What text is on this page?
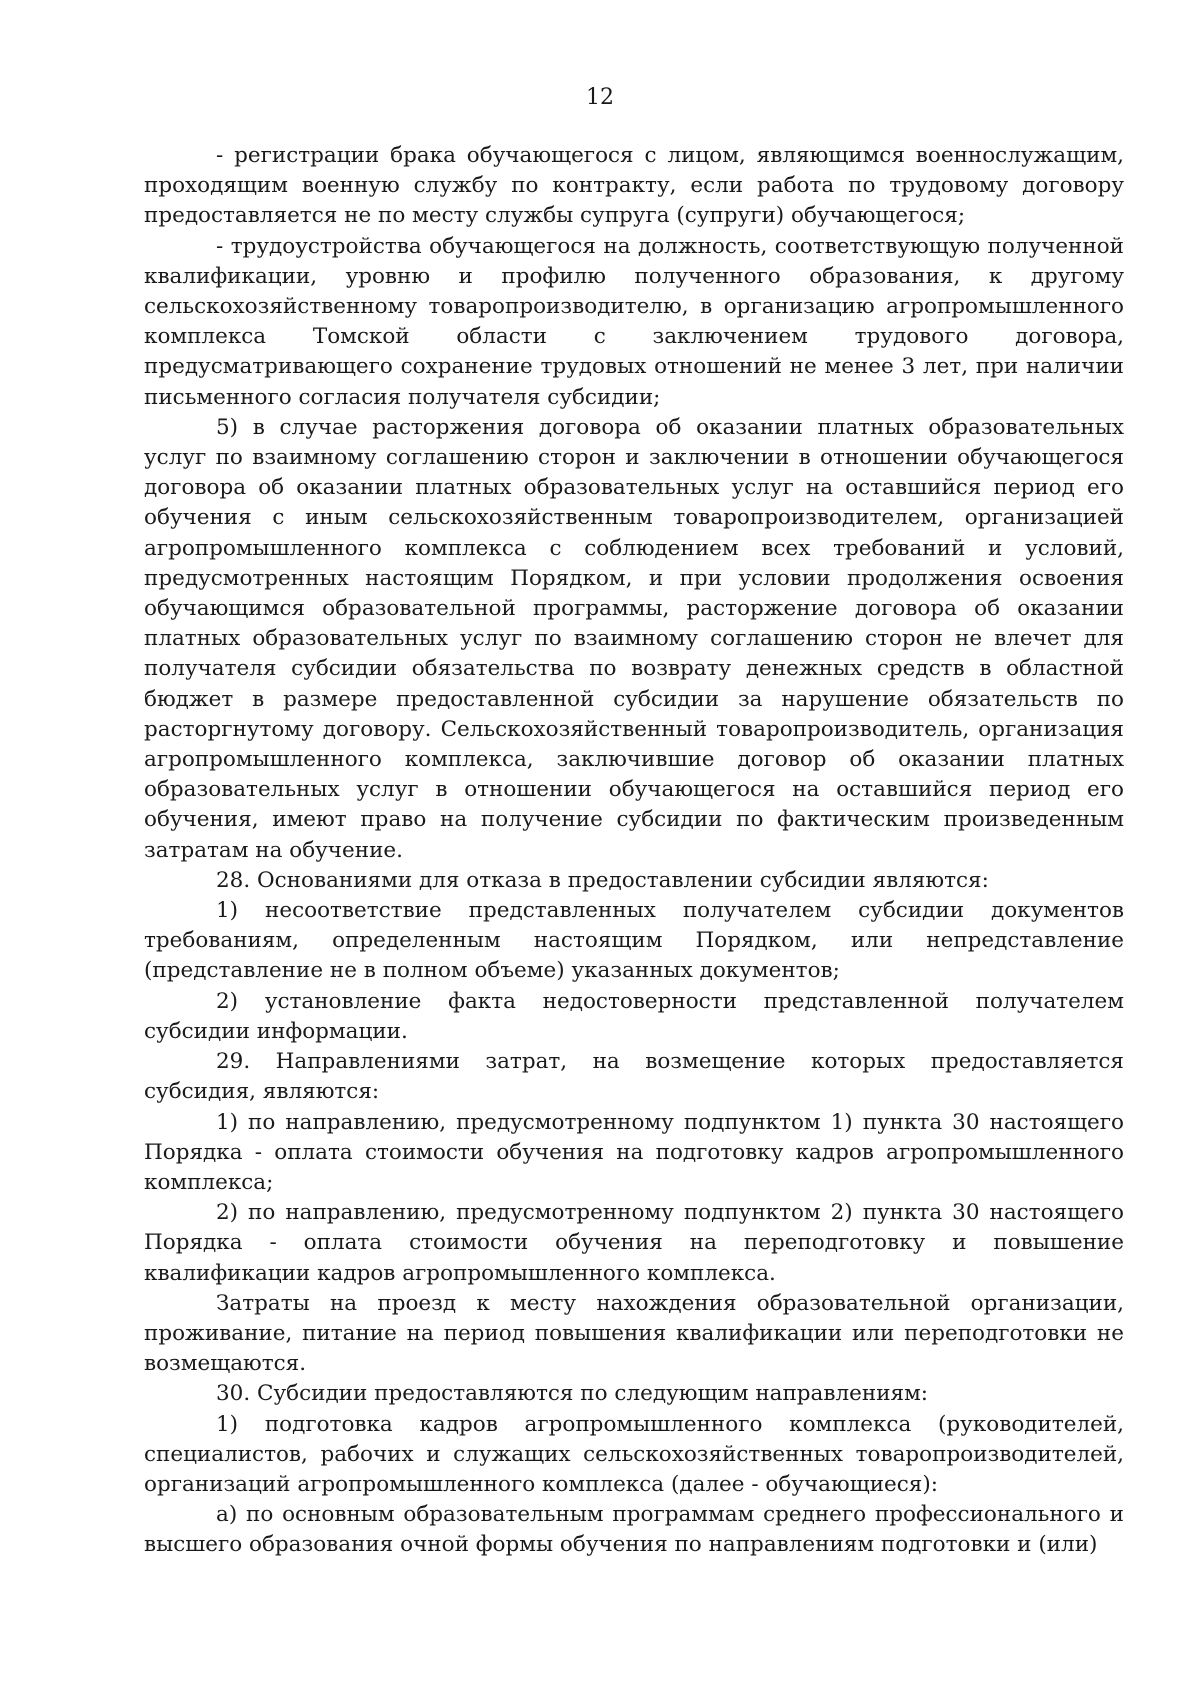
12

- регистрации брака обучающегося с лицом, являющимся военнослужащим, проходящим военную службу по контракту, если работа по трудовому договору предоставляется не по месту службы супруга (супруги) обучающегося;

- трудоустройства обучающегося на должность, соответствующую полученной квалификации, уровню и профилю полученного образования, к другому сельскохозяйственному товаропроизводителю, в организацию агропромышленного комплекса Томской области с заключением трудового договора, предусматривающего сохранение трудовых отношений не менее 3 лет, при наличии письменного согласия получателя субсидии;

5) в случае расторжения договора об оказании платных образовательных услуг по взаимному соглашению сторон и заключении в отношении обучающегося договора об оказании платных образовательных услуг на оставшийся период его обучения с иным сельскохозяйственным товаропроизводителем, организацией агропромышленного комплекса с соблюдением всех требований и условий, предусмотренных настоящим Порядком, и при условии продолжения освоения обучающимся образовательной программы, расторжение договора об оказании платных образовательных услуг по взаимному соглашению сторон не влечет для получателя субсидии обязательства по возврату денежных средств в областной бюджет в размере предоставленной субсидии за нарушение обязательств по расторгнутому договору. Сельскохозяйственный товаропроизводитель, организация агропромышленного комплекса, заключившие договор об оказании платных образовательных услуг в отношении обучающегося на оставшийся период его обучения, имеют право на получение субсидии по фактическим произведенным затратам на обучение.

28. Основаниями для отказа в предоставлении субсидии являются:

1) несоответствие представленных получателем субсидии документов требованиям, определенным настоящим Порядком, или непредставление (представление не в полном объеме) указанных документов;

2) установление факта недостоверности представленной получателем субсидии информации.

29. Направлениями затрат, на возмещение которых предоставляется субсидия, являются:

1) по направлению, предусмотренному подпунктом 1) пункта 30 настоящего Порядка - оплата стоимости обучения на подготовку кадров агропромышленного комплекса;

2) по направлению, предусмотренному подпунктом 2) пункта 30 настоящего Порядка - оплата стоимости обучения на переподготовку и повышение квалификации кадров агропромышленного комплекса.

Затраты на проезд к месту нахождения образовательной организации, проживание, питание на период повышения квалификации или переподготовки не возмещаются.

30. Субсидии предоставляются по следующим направлениям:

1) подготовка кадров агропромышленного комплекса (руководителей, специалистов, рабочих и служащих сельскохозяйственных товаропроизводителей, организаций агропромышленного комплекса (далее - обучающиеся):

а) по основным образовательным программам среднего профессионального и высшего образования очной формы обучения по направлениям подготовки и (или)
